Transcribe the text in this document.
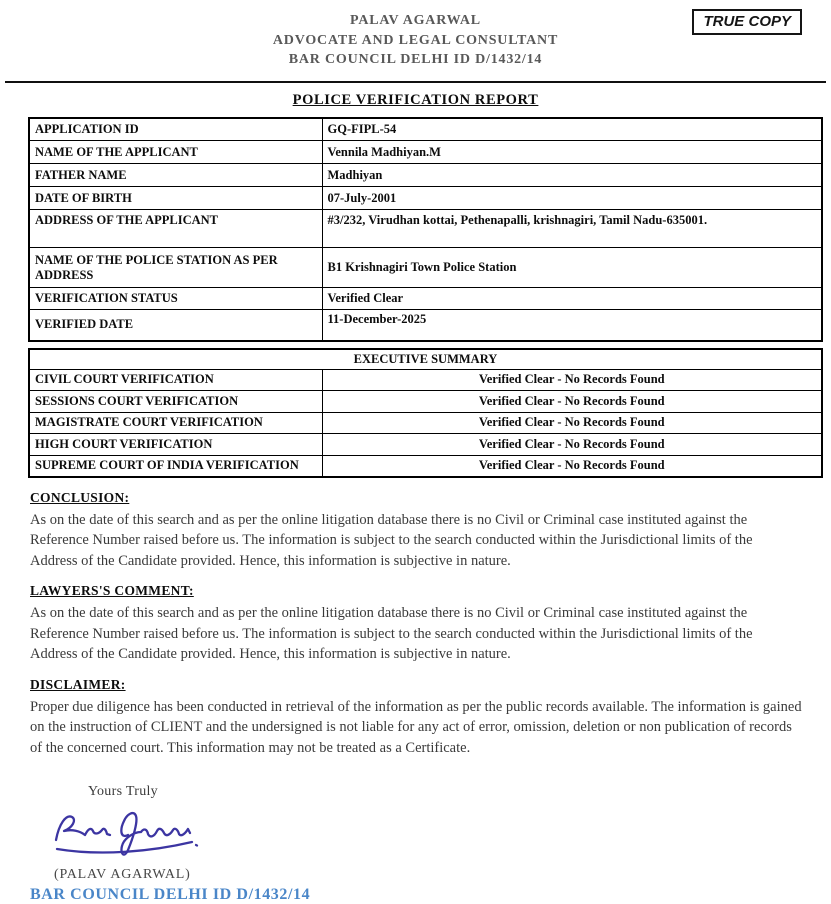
PALAV AGARWAL
ADVOCATE AND LEGAL CONSULTANT
BAR COUNCIL DELHI ID D/1432/14
TRUE COPY
POLICE VERIFICATION REPORT
APPLICATION ID	GQ-FIPL-54
NAME OF THE APPLICANT	Vennila Madhiyan.M
FATHER NAME	Madhiyan
DATE OF BIRTH	07-July-2001
ADDRESS OF THE APPLICANT	#3/232, Virudhan kottai, Pethenapalli, krishnagiri, Tamil Nadu-635001.
NAME OF THE POLICE STATION AS PER ADDRESS	B1 Krishnagiri Town Police Station
VERIFICATION STATUS	Verified Clear
VERIFIED DATE	11-December-2025
EXECUTIVE SUMMARY	
CIVIL COURT VERIFICATION	Verified Clear - No Records Found
SESSIONS COURT VERIFICATION	Verified Clear - No Records Found
MAGISTRATE COURT VERIFICATION	Verified Clear - No Records Found
HIGH COURT VERIFICATION	Verified Clear - No Records Found
SUPREME COURT OF INDIA VERIFICATION	Verified Clear - No Records Found
CONCLUSION:
As on the date of this search and as per the online litigation database there is no Civil or Criminal case instituted against the Reference Number raised before us. The information is subject to the search conducted within the Jurisdictional limits of the Address of the Candidate provided. Hence, this information is subjective in nature.
LAWYERS'S COMMENT:
As on the date of this search and as per the online litigation database there is no Civil or Criminal case instituted against the Reference Number raised before us. The information is subject to the search conducted within the Jurisdictional limits of the Address of the Candidate provided. Hence, this information is subjective in nature.
DISCLAIMER:
Proper due diligence has been conducted in retrieval of the information as per the public records available. The information is gained on the instruction of CLIENT and the undersigned is not liable for any act of error, omission, deletion or non publication of records of the concerned court. This information may not be treated as a Certificate.
Yours Truly
(PALAV AGARWAL)
BAR COUNCIL DELHI ID D/1432/14
